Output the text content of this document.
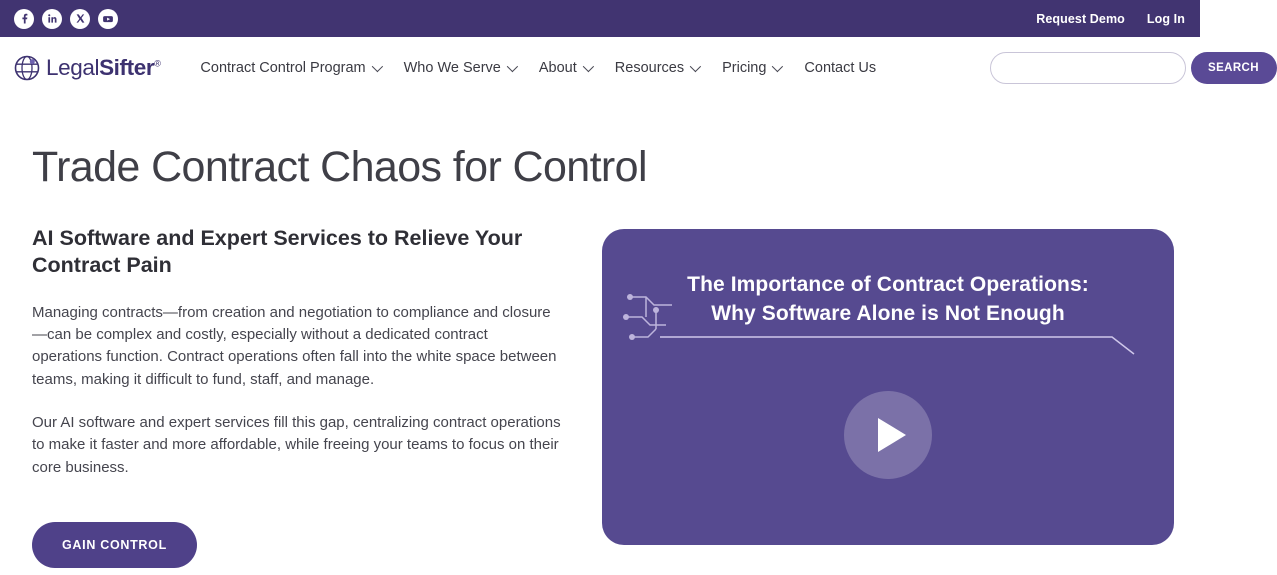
Request Demo Log In
LegalSifter®	Contract Control Program	Who We Serve	About	Resources	Pricing	Contact Us	SEARCH
Trade Contract Chaos for Control
AI Software and Expert Services to Relieve Your Contract Pain

Managing contracts—from creation and negotiation to compliance and closure—can be complex and costly, especially without a dedicated contract operations function. Contract operations often fall into the white space between teams, making it difficult to fund, staff, and manage.

Our AI software and expert services fill this gap, centralizing contract operations to make it faster and more affordable, while freeing your teams to focus on their core business.

GAIN CONTROL
The Importance of Contract Operations:
Why Software Alone is Not Enough
